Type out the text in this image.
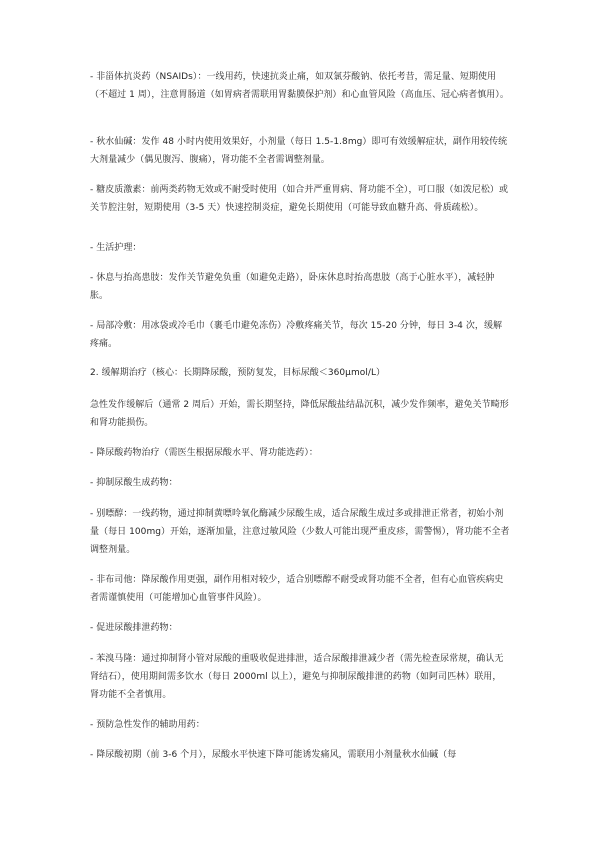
- 非甾体抗炎药（NSAIDs）：一线用药，快速抗炎止痛，如双氯芬酸钠、依托考昔，需足量、短期使用（不超过 1 周），注意胃肠道（如胃病者需联用胃黏膜保护剂）和心血管风险（高血压、冠心病者慎用）。

- 秋水仙碱：发作 48 小时内使用效果好，小剂量（每日 1.5-1.8mg）即可有效缓解症状，副作用较传统大剂量减少（偶见腹泻、腹痛），肾功能不全者需调整剂量。

- 糖皮质激素：前两类药物无效或不耐受时使用（如合并严重胃病、肾功能不全），可口服（如泼尼松）或关节腔注射，短期使用（3-5 天）快速控制炎症，避免长期使用（可能导致血糖升高、骨质疏松）。

- 生活护理：

- 休息与抬高患肢：发作关节避免负重（如避免走路），卧床休息时抬高患肢（高于心脏水平），减轻肿胀。

- 局部冷敷：用冰袋或冷毛巾（裹毛巾避免冻伤）冷敷疼痛关节，每次 15-20 分钟，每日 3-4 次，缓解疼痛。

2. 缓解期治疗（核心：长期降尿酸，预防复发，目标尿酸＜360μmol/L）

急性发作缓解后（通常 2 周后）开始，需长期坚持，降低尿酸盐结晶沉积，减少发作频率，避免关节畸形和肾功能损伤。

- 降尿酸药物治疗（需医生根据尿酸水平、肾功能选药）：

- 抑制尿酸生成药物：

- 别嘌醇：一线药物，通过抑制黄嘌呤氧化酶减少尿酸生成，适合尿酸生成过多或排泄正常者，初始小剂量（每日 100mg）开始，逐渐加量，注意过敏风险（少数人可能出现严重皮疹，需警惕），肾功能不全者调整剂量。

- 非布司他：降尿酸作用更强，副作用相对较少，适合别嘌醇不耐受或肾功能不全者，但有心血管疾病史者需谨慎使用（可能增加心血管事件风险）。

- 促进尿酸排泄药物：

- 苯溴马隆：通过抑制肾小管对尿酸的重吸收促进排泄，适合尿酸排泄减少者（需先检查尿常规，确认无肾结石），使用期间需多饮水（每日 2000ml 以上），避免与抑制尿酸排泄的药物（如阿司匹林）联用，肾功能不全者慎用。

- 预防急性发作的辅助用药：

- 降尿酸初期（前 3-6 个月），尿酸水平快速下降可能诱发痛风，需联用小剂量秋水仙碱（每
